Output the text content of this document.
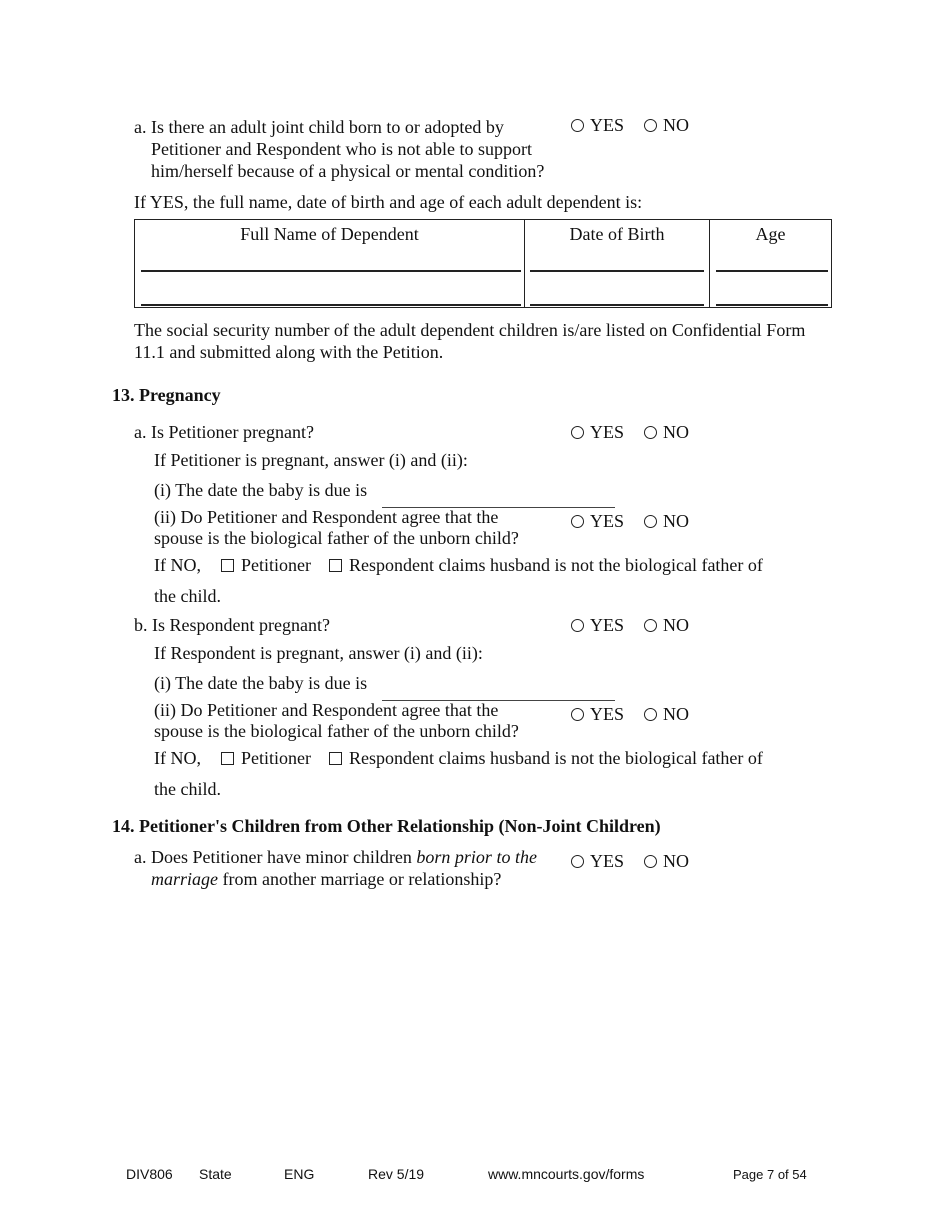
a. Is there an adult joint child born to or adopted by
Petitioner and Respondent who is not able to support
him/herself because of a physical or mental condition?
YES NO
If YES, the full name, date of birth and age of each adult dependent is:
Full Name of Dependent	Date of Birth	Age
The social security number of the adult dependent children is/are listed on Confidential Form
11.1 and submitted along with the Petition.
13. Pregnancy
a. Is Petitioner pregnant?	YES NO
If Petitioner is pregnant, answer (i) and (ii):
(i) The date the baby is due is
(ii) Do Petitioner and Respondent agree that the
spouse is the biological father of the unborn child?
YES NO
If NO, Petitioner Respondent claims husband is not the biological father of
the child.
b. Is Respondent pregnant?	YES NO
If Respondent is pregnant, answer (i) and (ii):
(i) The date the baby is due is
(ii) Do Petitioner and Respondent agree that the
spouse is the biological father of the unborn child?
YES NO
If NO, Petitioner Respondent claims husband is not the biological father of
the child.
14. Petitioner's Children from Other Relationship (Non-Joint Children)
a. Does Petitioner have minor children born prior to the
marriage from another marriage or relationship?
YES NO
DIV806 State	ENG	Rev 5/19	www.mncourts.gov/forms	Page 7 of 54
